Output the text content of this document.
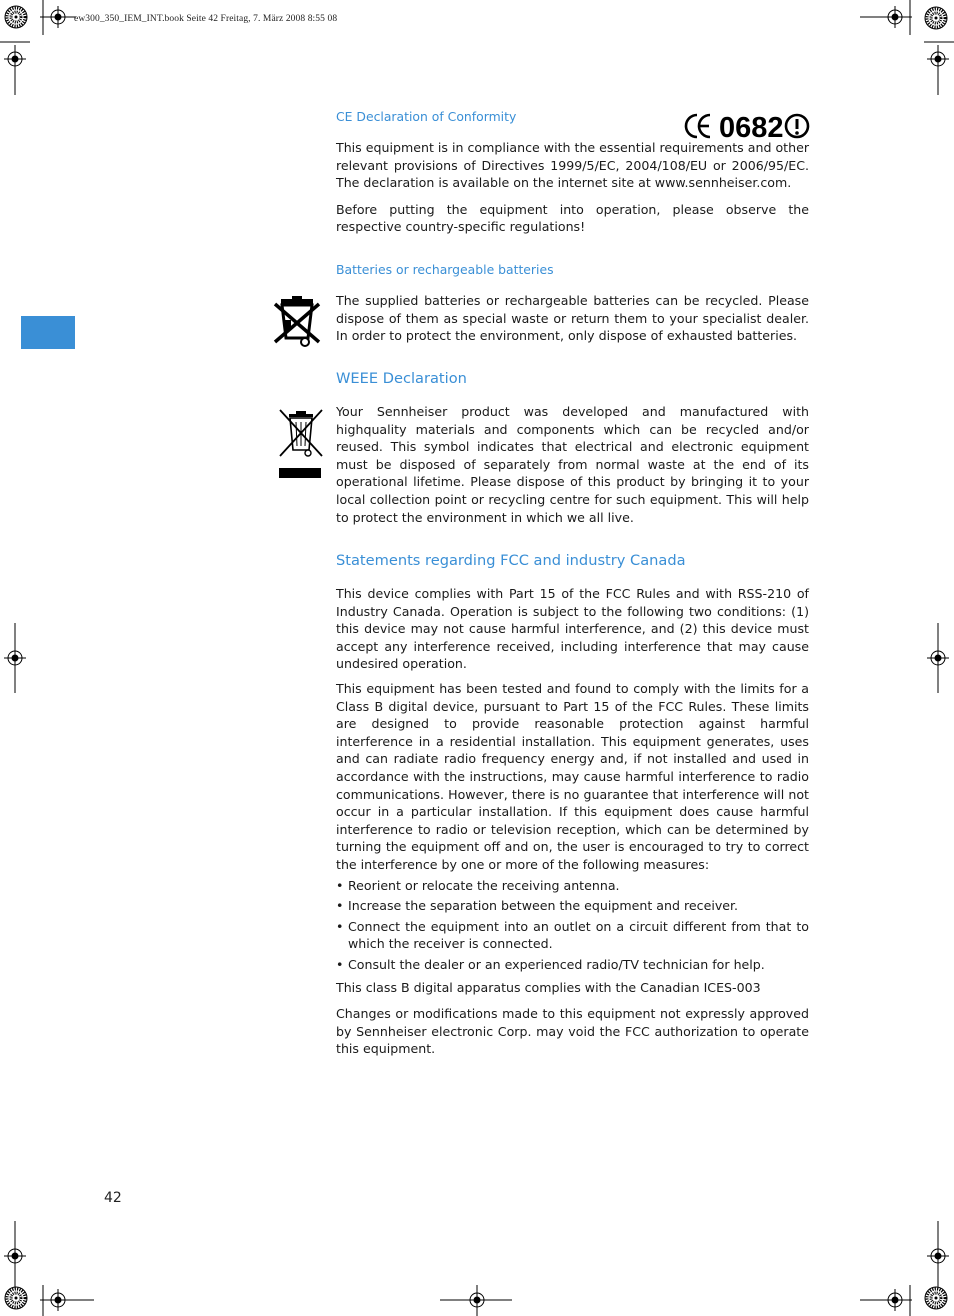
ew300_350_IEM_INT.book Seite 42 Freitag, 7. März 2008 8:55 08
0682
CE Declaration of Conformity

This equipment is in compliance with the essential requirements and other relevant provisions of Directives 1999/5/EC, 2004/108/EU or 2006/95/EC. The declaration is available on the internet site at www.sennheiser.com.

Before putting the equipment into operation, please observe the respective country-specific regulations!

Batteries or rechargeable batteries

The supplied batteries or rechargeable batteries can be recycled. Please dispose of them as special waste or return them to your specialist dealer. In order to protect the environment, only dispose of exhausted batteries.

WEEE Declaration

Your Sennheiser product was developed and manufactured with highquality materials and components which can be recycled and/or reused. This symbol indicates that electrical and electronic equipment must be disposed of separately from normal waste at the end of its operational lifetime. Please dispose of this product by bringing it to your local collection point or recycling centre for such equipment. This will help to protect the environment in which we all live.

Statements regarding FCC and industry Canada

This device complies with Part 15 of the FCC Rules and with RSS-210 of Industry Canada. Operation is subject to the following two conditions: (1) this device may not cause harmful interference, and (2) this device must accept any interference received, including interference that may cause undesired operation.

This equipment has been tested and found to comply with the limits for a Class B digital device, pursuant to Part 15 of the FCC Rules. These limits are designed to provide reasonable protection against harmful interference in a residential installation. This equipment generates, uses and can radiate radio frequency energy and, if not installed and used in accordance with the instructions, may cause harmful interference to radio communications. However, there is no guarantee that interference will not occur in a particular installation. If this equipment does cause harmful interference to radio or television reception, which can be determined by turning the equipment off and on, the user is encouraged to try to correct the interference by one or more of the following measures:

• Reorient or relocate the receiving antenna.
• Increase the separation between the equipment and receiver.
• Connect the equipment into an outlet on a circuit different from that to which the receiver is connected.
• Consult the dealer or an experienced radio/TV technician for help.

This class B digital apparatus complies with the Canadian ICES-003

Changes or modifications made to this equipment not expressly approved by Sennheiser electronic Corp. may void the FCC authorization to operate this equipment.

42
